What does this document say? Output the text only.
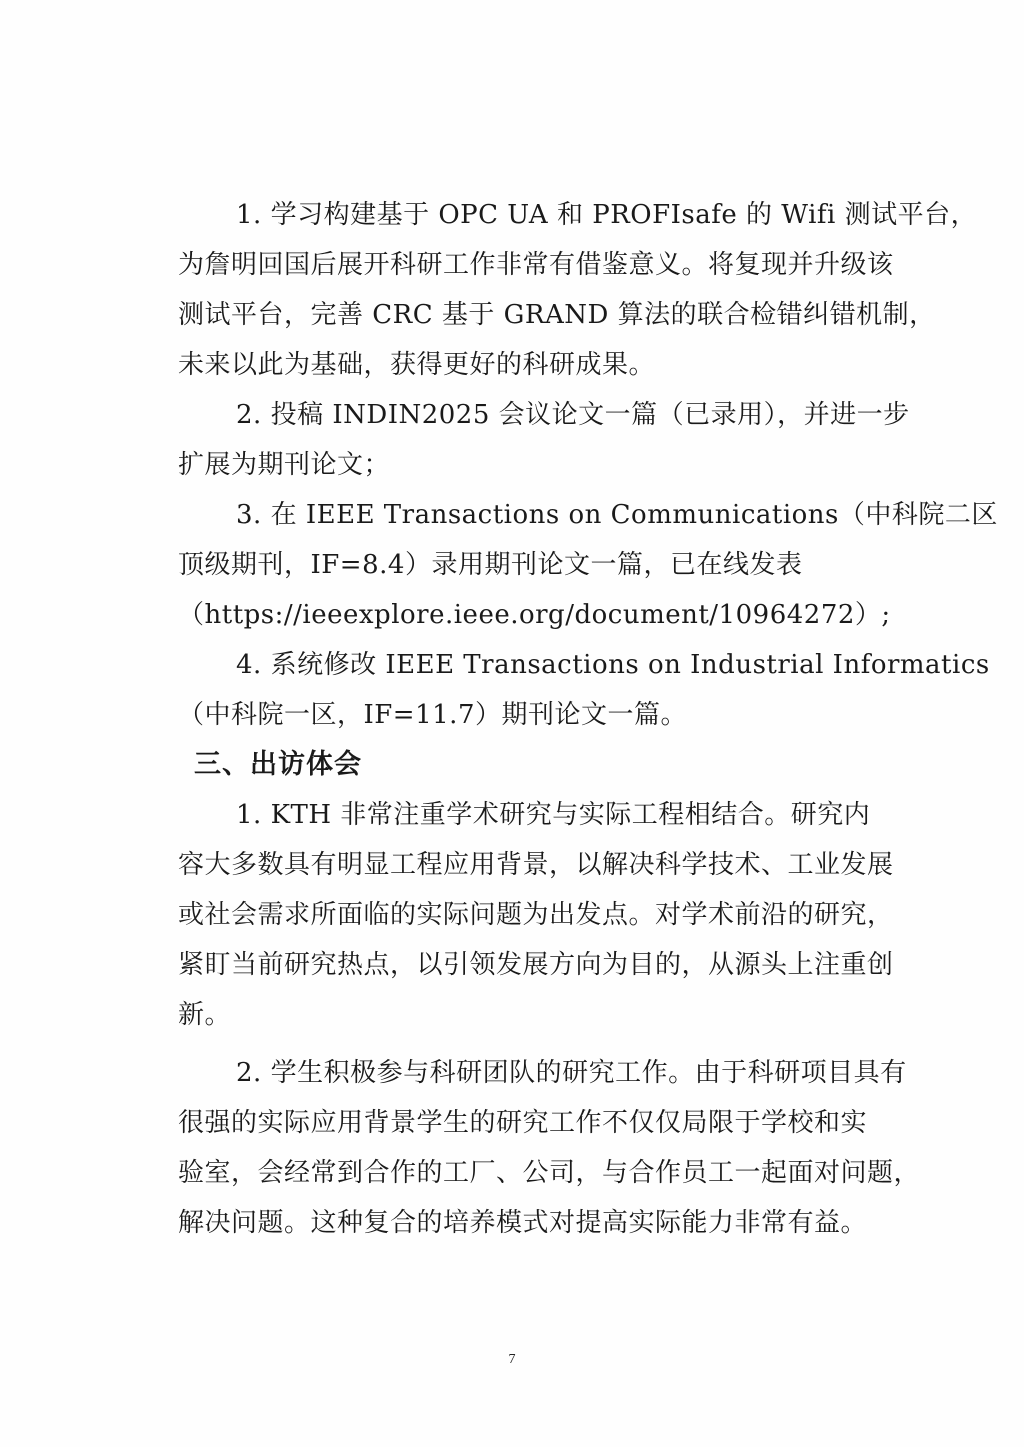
1. 学习构建基于 OPC UA 和 PROFIsafe 的 Wifi 测试平台，
为詹明回国后展开科研工作非常有借鉴意义。将复现并升级该
测试平台，完善 CRC 基于 GRAND 算法的联合检错纠错机制，
未来以此为基础，获得更好的科研成果。
2. 投稿 INDIN2025 会议论文一篇（已录用），并进一步
扩展为期刊论文；
3. 在 IEEE Transactions on Communications（中科院二区
顶级期刊，IF=8.4）录用期刊论文一篇，已在线发表
（https://ieeexplore.ieee.org/document/10964272）;
4. 系统修改 IEEE Transactions on Industrial Informatics
（中科院一区，IF=11.7）期刊论文一篇。
三、出访体会
1. KTH 非常注重学术研究与实际工程相结合。研究内
容大多数具有明显工程应用背景，以解决科学技术、工业发展
或社会需求所面临的实际问题为出发点。对学术前沿的研究，
紧盯当前研究热点，以引领发展方向为目的，从源头上注重创
新。
2. 学生积极参与科研团队的研究工作。由于科研项目具有
很强的实际应用背景学生的研究工作不仅仅局限于学校和实
验室，会经常到合作的工厂、公司，与合作员工一起面对问题，
解决问题。这种复合的培养模式对提高实际能力非常有益。
7
